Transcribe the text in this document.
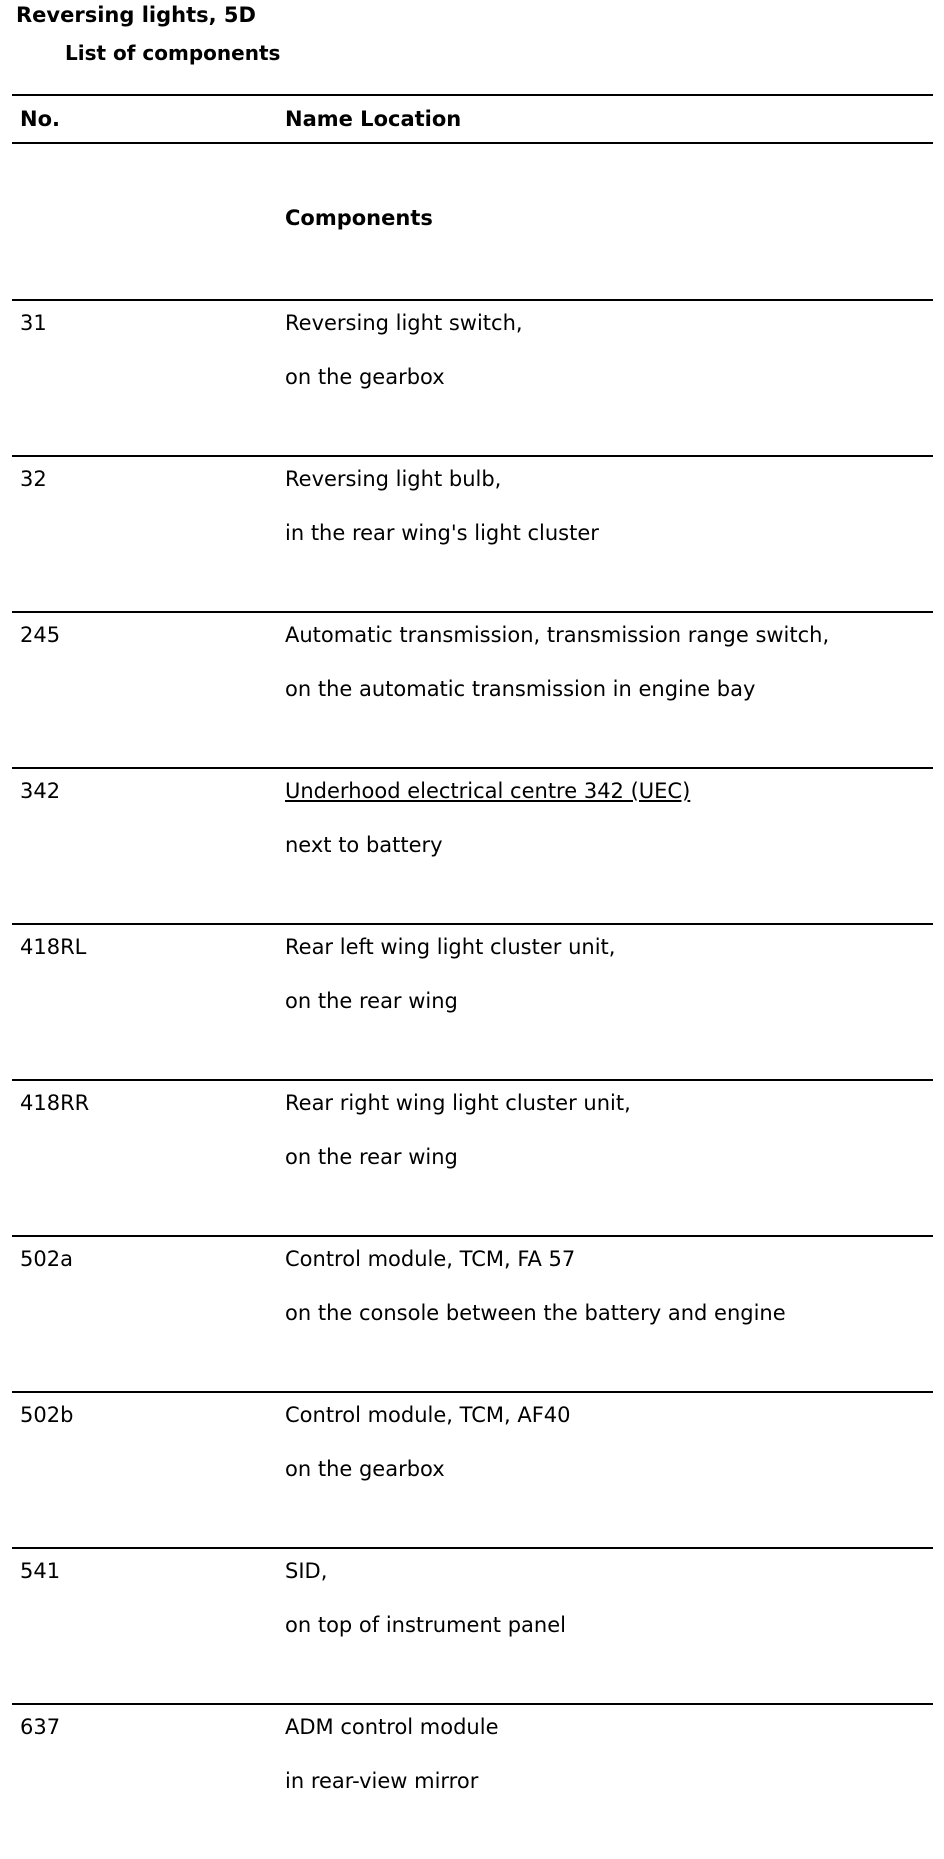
Reversing lights, 5D
List of components
No.	Name Location
Components
31	Reversing light switch,
on the gearbox
32	Reversing light bulb,
in the rear wing's light cluster
245	Automatic transmission, transmission range switch,
on the automatic transmission in engine bay
342	Underhood electrical centre 342 (UEC)
next to battery
418RL	Rear left wing light cluster unit,
on the rear wing
418RR	Rear right wing light cluster unit,
on the rear wing
502a	Control module, TCM, FA 57
on the console between the battery and engine
502b	Control module, TCM, AF40
on the gearbox
541	SID,
on top of instrument panel
637	ADM control module
in rear-view mirror
